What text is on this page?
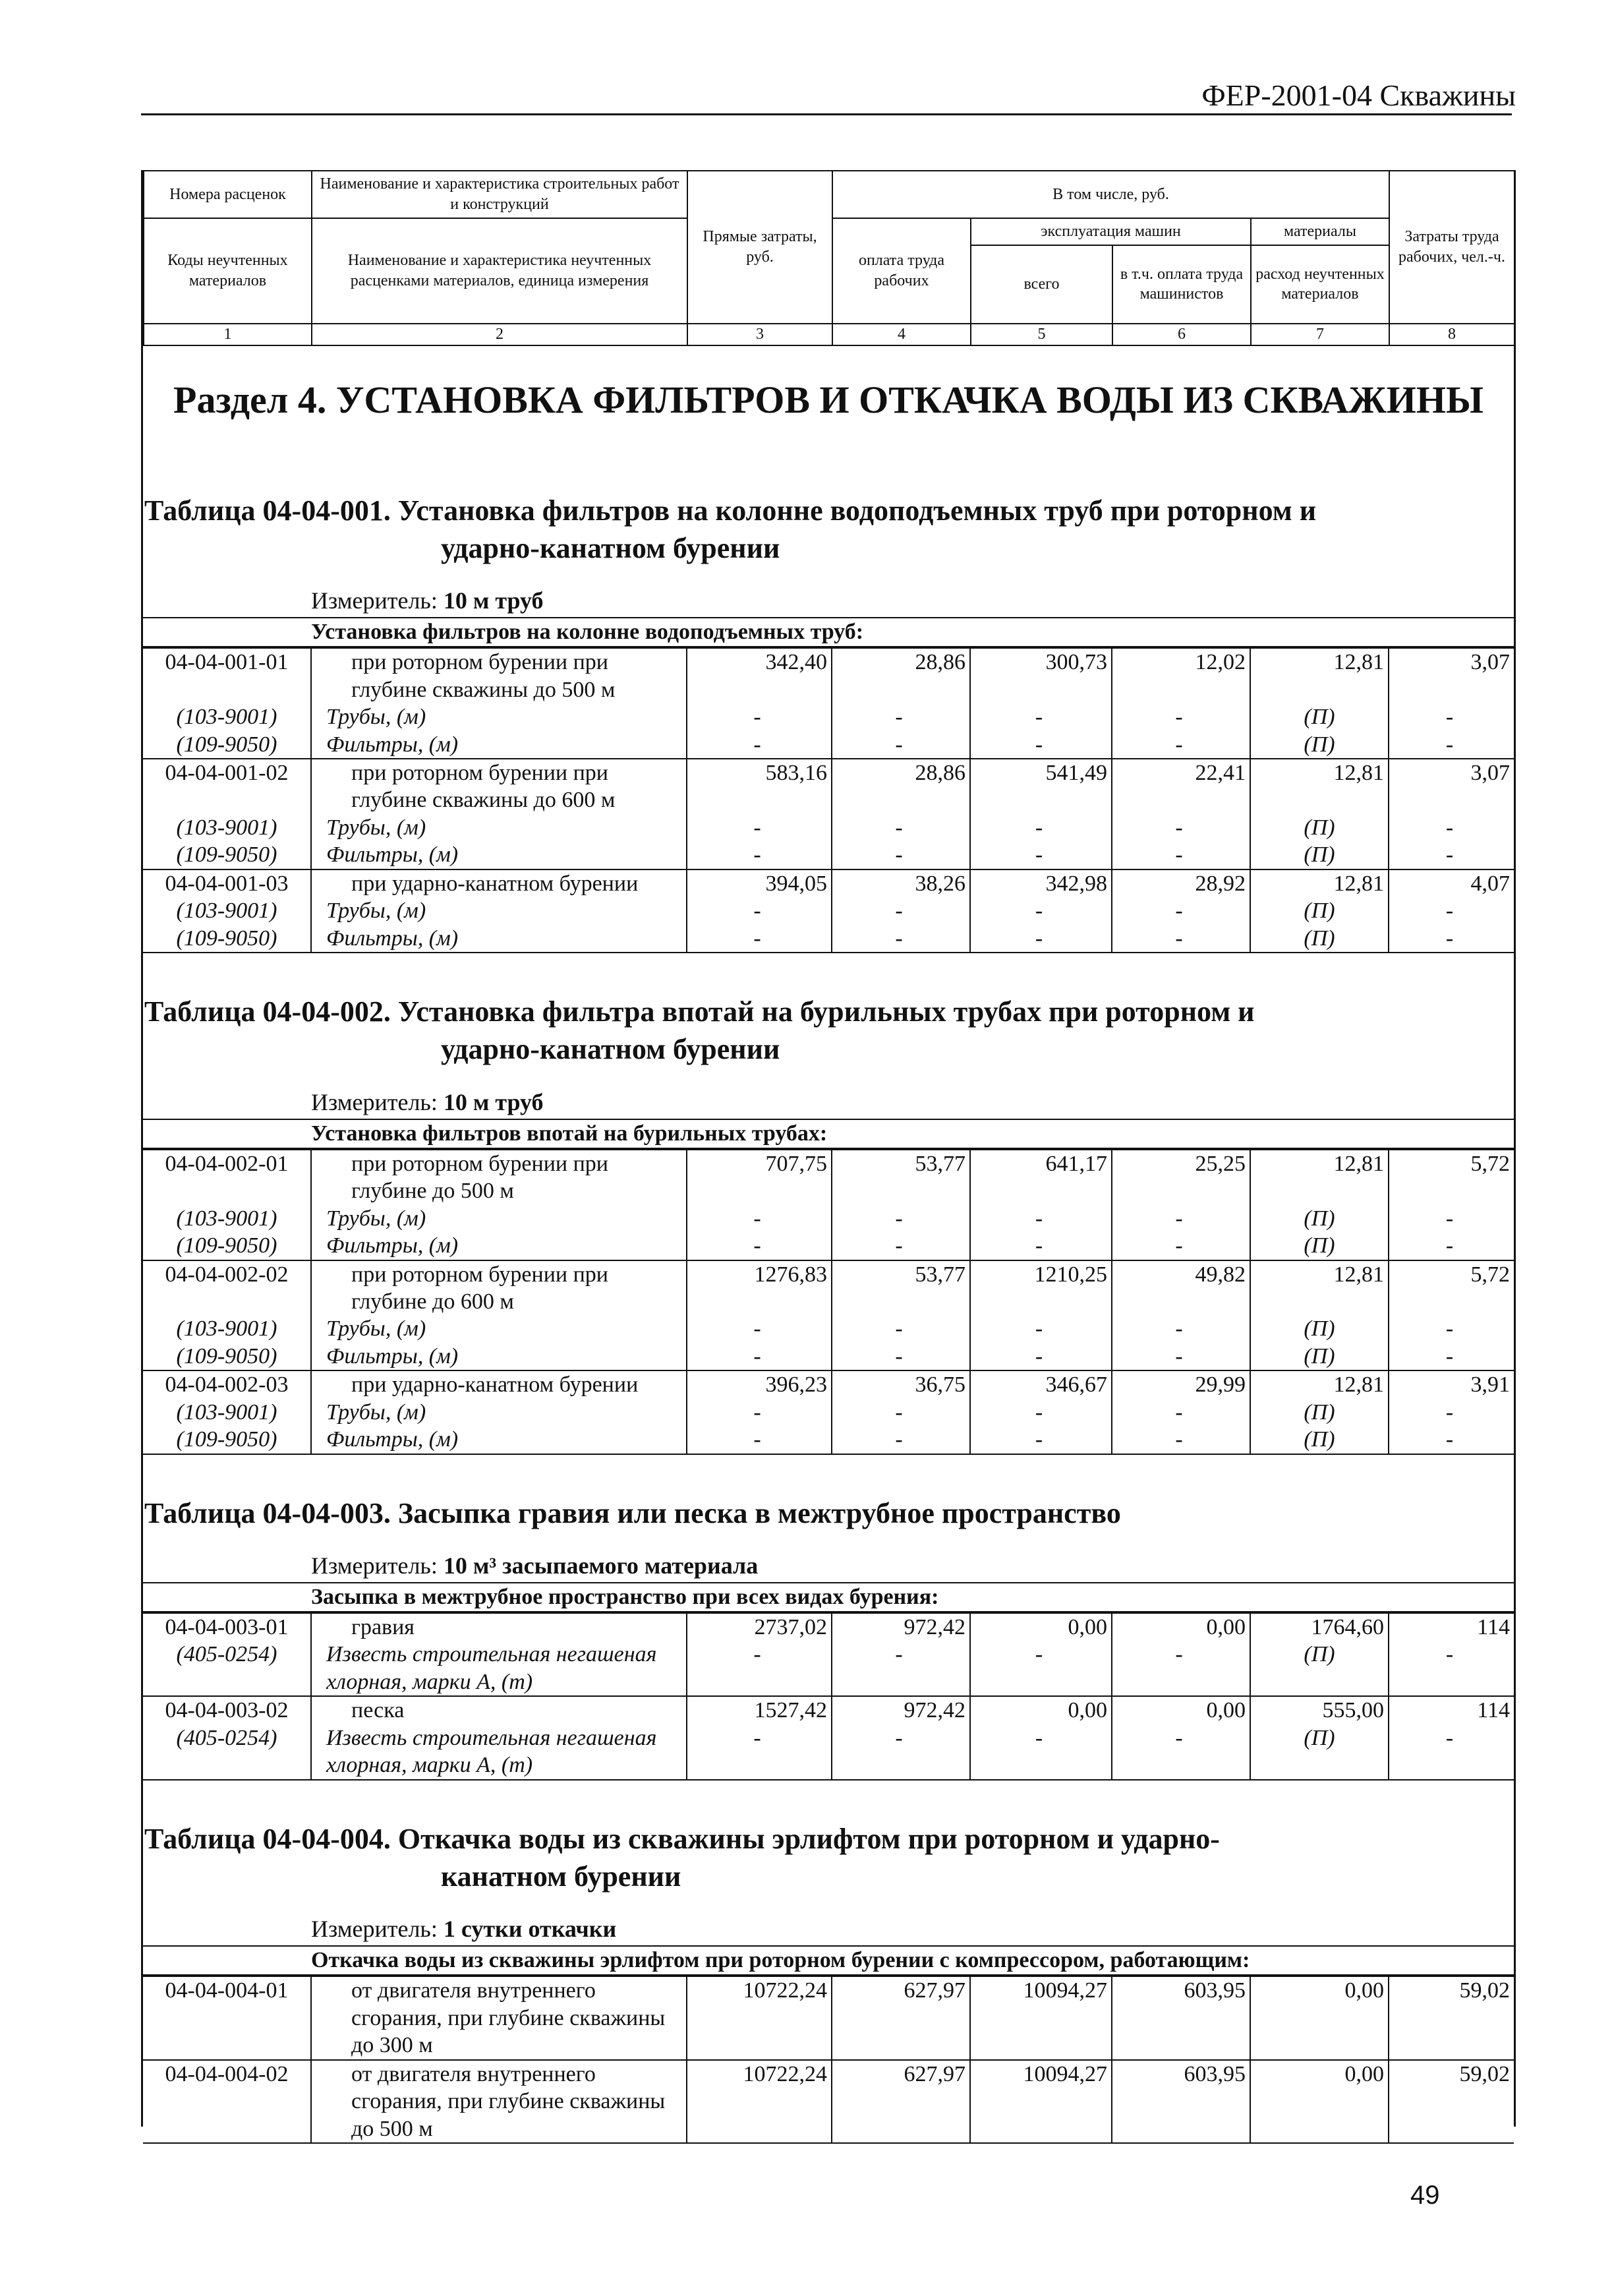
ФЕР-2001-04 Скважины
Номера расценок	Наименование и характеристика строительных работ и конструкций	Прямые затраты, руб.	В том числе, руб.				Затраты труда рабочих, чел.-ч.
Коды неучтенных материалов	Наименование и характеристика неучтенных расценками материалов, единица измерения		оплата труда рабочих	эксплуатация машин		материалы	
				всего	в т.ч. оплата труда машинистов	расход неучтенных материалов	
1	2	3	4	5	6	7	8
Раздел 4. УСТАНОВКА ФИЛЬТРОВ И ОТКАЧКА ВОДЫ ИЗ СКВАЖИНЫ
Таблица 04-04-001. Установка фильтров на колонне водоподъемных труб при роторном и
ударно-канатном бурении
Измеритель: 10 м труб
Установка фильтров на колонне водоподъемных труб:
04-04-001-01	при роторном бурении при глубине скважины до 500 м	342,40	28,86	300,73	12,02	12,81	3,07
(103-9001)	Трубы, (м)	-	-	-	-	(П)	-
(109-9050)	Фильтры, (м)	-	-	-	-	(П)	-
04-04-001-02	при роторном бурении при глубине скважины до 600 м	583,16	28,86	541,49	22,41	12,81	3,07
(103-9001)	Трубы, (м)	-	-	-	-	(П)	-
(109-9050)	Фильтры, (м)	-	-	-	-	(П)	-
04-04-001-03	при ударно-канатном бурении	394,05	38,26	342,98	28,92	12,81	4,07
(103-9001)	Трубы, (м)	-	-	-	-	(П)	-
(109-9050)	Фильтры, (м)	-	-	-	-	(П)	-
Таблица 04-04-002. Установка фильтра впотай на бурильных трубах при роторном и
ударно-канатном бурении
Измеритель: 10 м труб
Установка фильтров впотай на бурильных трубах:
04-04-002-01	при роторном бурении при глубине до 500 м	707,75	53,77	641,17	25,25	12,81	5,72
(103-9001)	Трубы, (м)	-	-	-	-	(П)	-
(109-9050)	Фильтры, (м)	-	-	-	-	(П)	-
04-04-002-02	при роторном бурении при глубине до 600 м	1276,83	53,77	1210,25	49,82	12,81	5,72
(103-9001)	Трубы, (м)	-	-	-	-	(П)	-
(109-9050)	Фильтры, (м)	-	-	-	-	(П)	-
04-04-002-03	при ударно-канатном бурении	396,23	36,75	346,67	29,99	12,81	3,91
(103-9001)	Трубы, (м)	-	-	-	-	(П)	-
(109-9050)	Фильтры, (м)	-	-	-	-	(П)	-
Таблица 04-04-003. Засыпка гравия или песка в межтрубное пространство
Измеритель: 10 м³ засыпаемого материала
Засыпка в межтрубное пространство при всех видах бурения:
04-04-003-01	гравия	2737,02	972,42	0,00	0,00	1764,60	114
(405-0254)	Известь строительная негашеная хлорная, марки А, (т)	-	-	-	-	(П)	-
04-04-003-02	песка	1527,42	972,42	0,00	0,00	555,00	114
(405-0254)	Известь строительная негашеная хлорная, марки А, (т)	-	-	-	-	(П)	-
Таблица 04-04-004. Откачка воды из скважины эрлифтом при роторном и ударно-
канатном бурении
Измеритель: 1 сутки откачки
Откачка воды из скважины эрлифтом при роторном бурении с компрессором, работающим:
04-04-004-01	от двигателя внутреннего сгорания, при глубине скважины до 300 м	10722,24	627,97	10094,27	603,95	0,00	59,02
04-04-004-02	от двигателя внутреннего сгорания, при глубине скважины до 500 м	10722,24	627,97	10094,27	603,95	0,00	59,02
49
